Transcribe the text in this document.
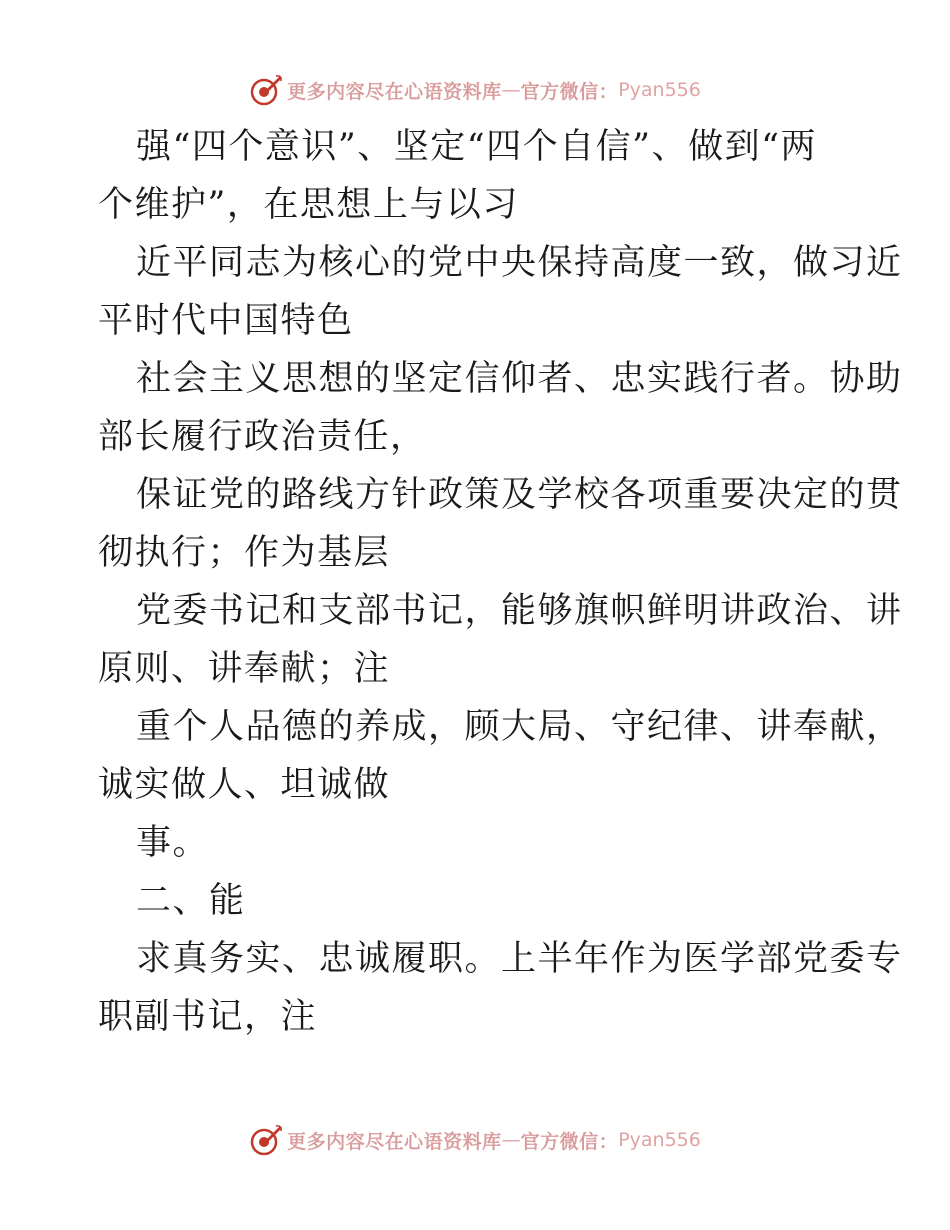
更多内容尽在心语资料库 — 官方微信： Pyan556
强“四个意识”、坚定“四个自信”、做到“两
个维护”，在思想上与以习
近平同志为核心的党中央保持高度一致，做习近
平时代中国特色
社会主义思想的坚定信仰者、忠实践行者。协助
部长履行政治责任，
保证党的路线方针政策及学校各项重要决定的贯
彻执行；作为基层
党委书记和支部书记，能够旗帜鲜明讲政治、讲
原则、讲奉献；注
重个人品德的养成，顾大局、守纪律、讲奉献，
诚实做人、坦诚做
事。
二、能
求真务实、忠诚履职。上半年作为医学部党委专
职副书记，注
更多内容尽在心语资料库 — 官方微信： Pyan556
